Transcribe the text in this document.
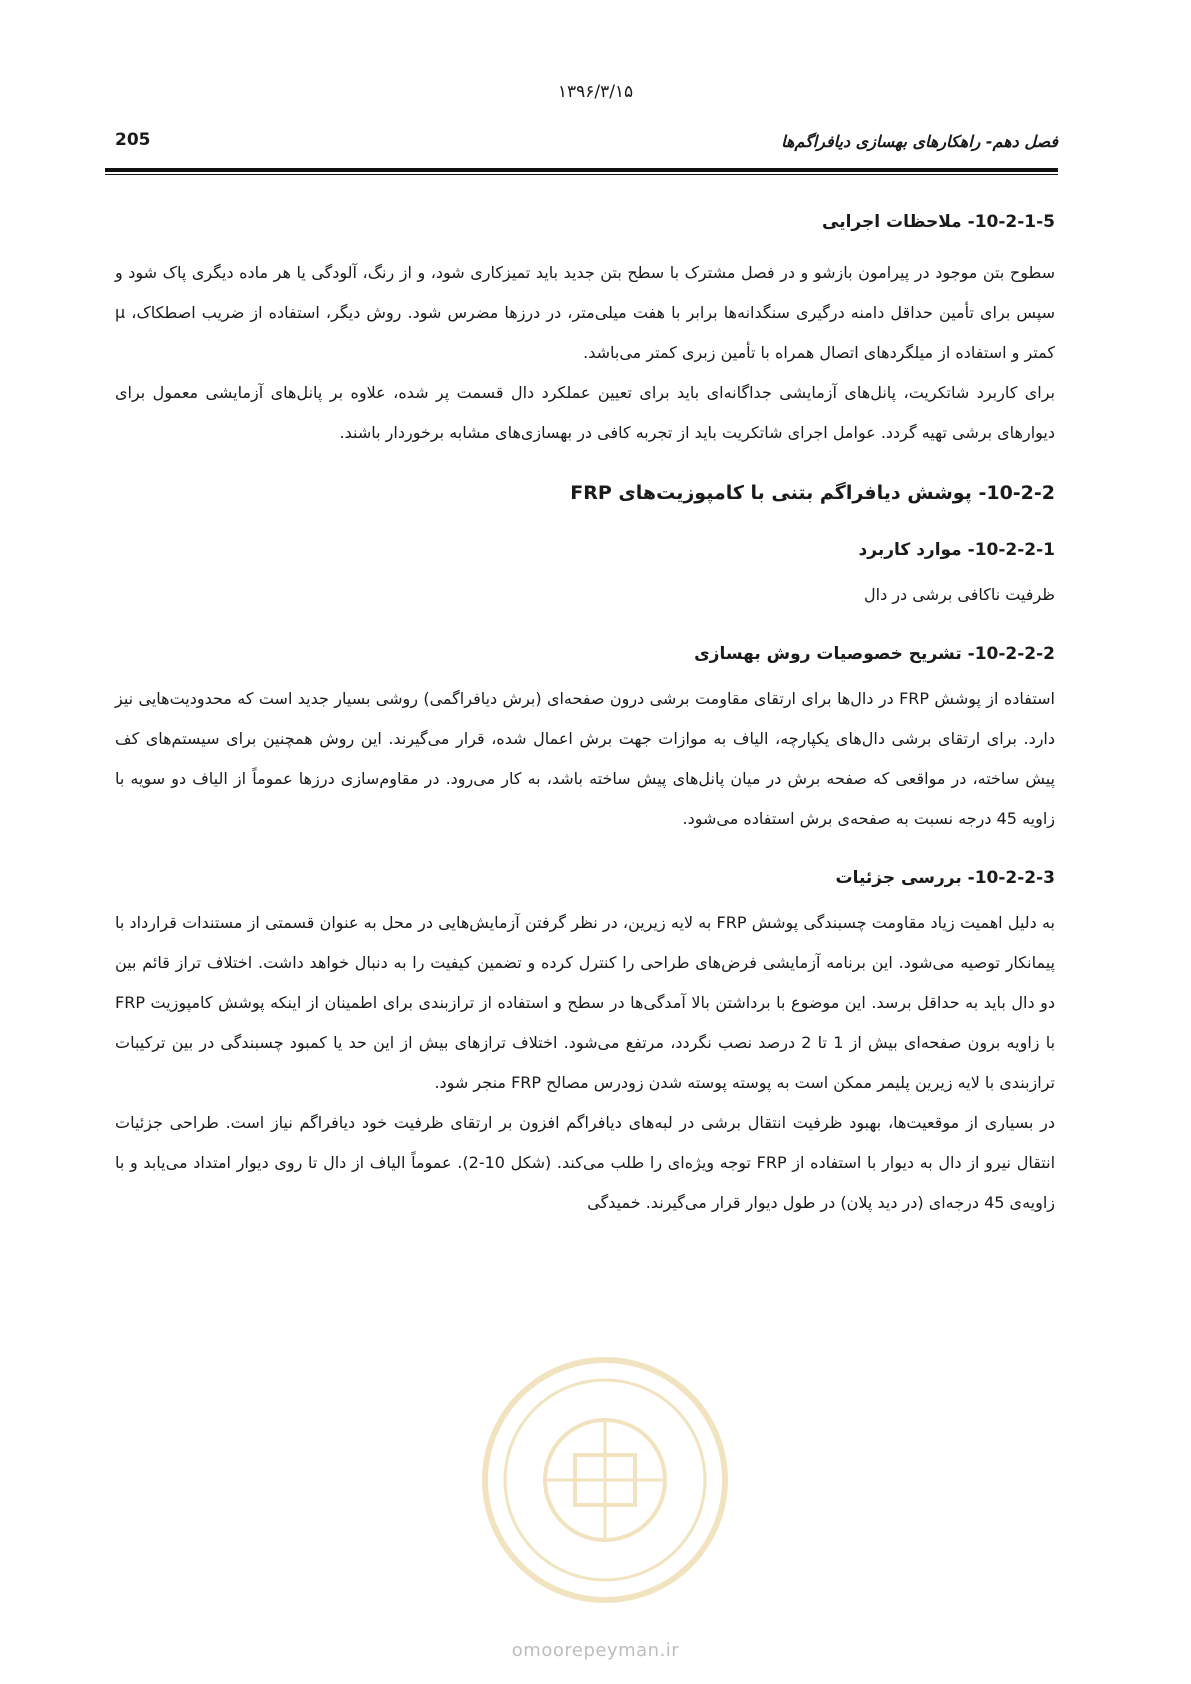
۱۳۹۶/۳/۱۵
205	فصل دهم- راهکارهای بهسازی دیافراگم‌ها
10-2-1-5- ملاحظات اجرایی

سطوح بتن موجود در پیرامون بازشو و در فصل مشترک با سطح بتن جدید باید تمیزکاری شود، و از رنگ، آلودگی یا هر ماده دیگری پاک شود و سپس برای تأمین حداقل دامنه درگیری سنگدانه‌ها برابر با هفت میلی‌متر، در درزها مضرس شود. روش دیگر، استفاده از ضریب اصطکاک، μ کمتر و استفاده از میلگردهای اتصال همراه با تأمین زبری کمتر می‌باشد.

برای کاربرد شاتکریت، پانل‌های آزمایشی جداگانه‌ای باید برای تعیین عملکرد دال قسمت پر شده، علاوه بر پانل‌های آزمایشی معمول برای دیوارهای برشی تهیه گردد. عوامل اجرای شاتکریت باید از تجربه کافی در بهسازی‌های مشابه برخوردار باشند.

10-2-2- پوشش دیافراگم بتنی با کامپوزیت‌های FRP
10-2-2-1- موارد کاربرد

ظرفیت ناکافی برشی در دال

10-2-2-2- تشریح خصوصیات روش بهسازی

استفاده از پوشش FRP در دال‌ها برای ارتقای مقاومت برشی درون صفحه‌ای (برش دیافراگمی) روشی بسیار جدید است که محدودیت‌هایی نیز دارد. برای ارتقای برشی دال‌های یکپارچه، الیاف به موازات جهت برش اعمال شده، قرار می‌گیرند. این روش همچنین برای سیستم‌های کف پیش ساخته، در مواقعی که صفحه برش در میان پانل‌های پیش ساخته باشد، به کار می‌رود. در مقاوم‌سازی درزها عموماً از الیاف دو سویه با زاویه 45 درجه نسبت به صفحه‌ی برش استفاده می‌شود.

10-2-2-3- بررسی جزئیات

به دلیل اهمیت زیاد مقاومت چسبندگی پوشش FRP به لایه زیرین، در نظر گرفتن آزمایش‌هایی در محل به عنوان قسمتی از مستندات قرارداد با پیمانکار توصیه می‌شود. این برنامه آزمایشی فرض‌های طراحی را کنترل کرده و تضمین کیفیت را به دنبال خواهد داشت. اختلاف تراز قائم بین دو دال باید به حداقل برسد. این موضوع با برداشتن بالا آمدگی‌ها در سطح و استفاده از ترازبندی برای اطمینان از اینکه پوشش کامپوزیت FRP با زاویه برون صفحه‌ای بیش از 1 تا 2 درصد نصب نگردد، مرتفع می‌شود. اختلاف ترازهای بیش از این حد یا کمبود چسبندگی در بین ترکیبات ترازبندی با لایه زیرین پلیمر ممکن است به پوسته پوسته شدن زودرس مصالح FRP منجر شود.

در بسیاری از موقعیت‌ها، بهبود ظرفیت انتقال برشی در لبه‌های دیافراگم افزون بر ارتقای ظرفیت خود دیافراگم نیاز است. طراحی جزئیات انتقال نیرو از دال به دیوار با استفاده از FRP توجه ویژه‌ای را طلب می‌کند. (شکل 10-2). عموماً الیاف از دال تا روی دیوار امتداد می‌یابد و با زاویه‌ی 45 درجه‌ای (در دید پلان) در طول دیوار قرار می‌گیرند. خمیدگی

omoorepeyman.ir
